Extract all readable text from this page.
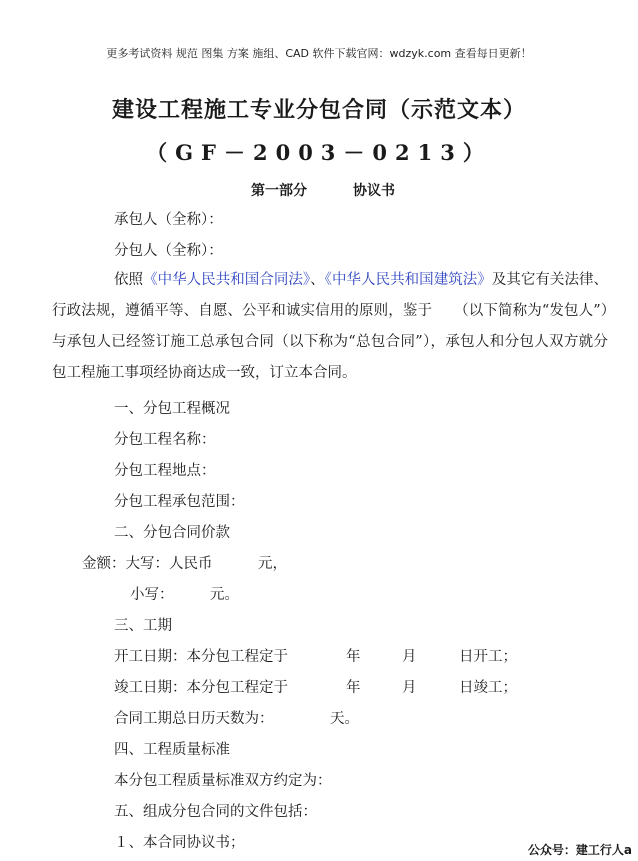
更多考试资料 规范 图集 方案 施组、CAD 软件下载官网：wdzyk.com 查看每日更新！
建设工程施工专业分包合同（示范文本）
（GF－2003－0213）
第一部分	协议书
承包人（全称）：
分包人（全称）：
依照《中华人民共和国合同法》、《中华人民共和国建筑法》及其它有关法律、行政法规，遵循平等、自愿、公平和诚实信用的原则，鉴于　　（以下简称为“发包人”）与承包人已经签订施工总承包合同（以下称为“总包合同”），承包人和分包人双方就分包工程施工事项经协商达成一致，订立本合同。
一、分包工程概况
分包工程名称：
分包工程地点：
分包工程承包范围：
二、分包合同价款
金额：大写：人民币	元，
小写：	元。
三、工期
开工日期：本分包工程定于	年	月	日开工；
竣工日期：本分包工程定于	年	月	日竣工；
合同工期总日历天数为：	天。
四、工程质量标准
本分包工程质量标准双方约定为：
五、组成分包合同的文件包括：
１、本合同协议书；	公众号：建工行人a
